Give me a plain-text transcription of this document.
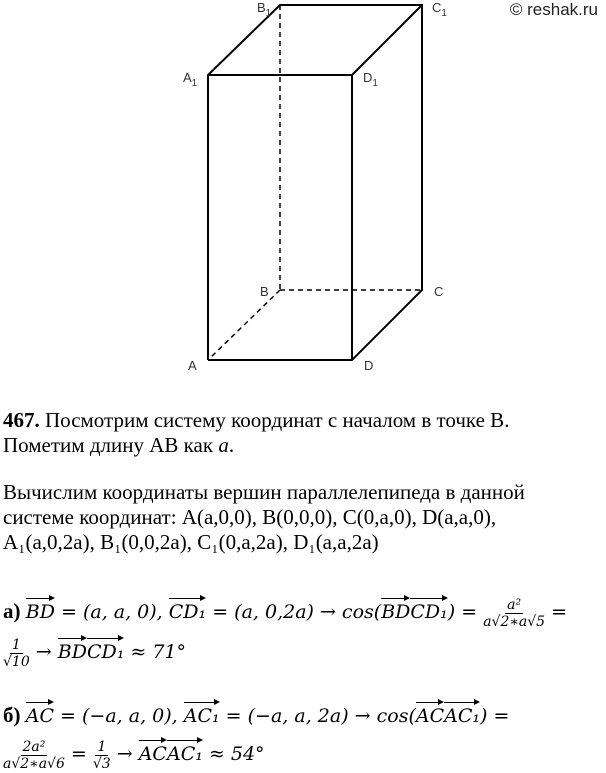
$B_1$	$C_1$
$A_1$	$D_1$
B	C
A	D
© reshak.ru
467. Посмотрим систему координат с началом в точке В.
Пометим длину АВ как a.
Вычислим координаты вершин параллелепипеда в данной
системе координат: A(a,0,0), B(0,0,0), C(0,a,0), D(a,a,0),
A₁(a,0,2a), B₁(0,0,2a), C₁(0,a,2a), D₁(a,a,2a)
а) BD = (a, a, 0), CD₁ = (a, 0,2a) → cos(BDCD₁) = $\frac{\text{a²}}{a√2∗a√5}$ =
$\frac{1}{√10}$ → BDCD₁ ≈ 71°
б) AC = (−a, a, 0), AC₁ = (−a, a, 2a) → cos(ACAC₁) =
$\frac{\text{2a²}}{a√2∗a√6} = \frac{1}{√3}$ → ACAC₁ ≈ 54°
